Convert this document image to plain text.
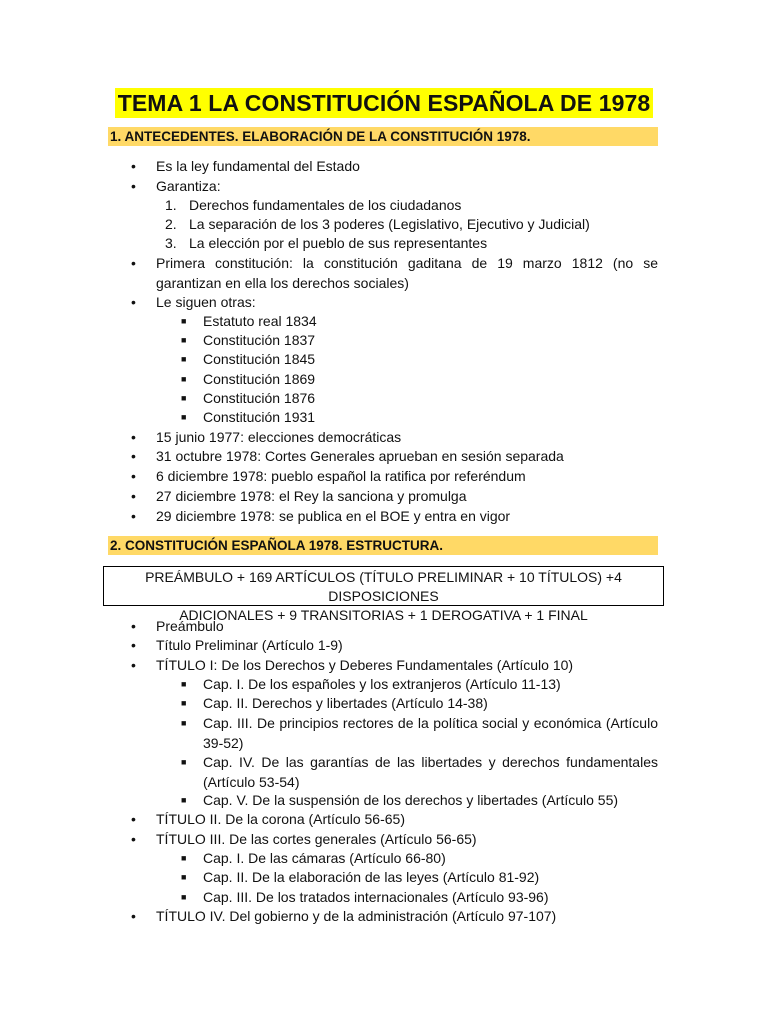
TEMA 1 LA CONSTITUCIÓN ESPAÑOLA DE 1978
1. ANTECEDENTES. ELABORACIÓN DE LA CONSTITUCIÓN 1978.
• Es la ley fundamental del Estado
• Garantiza:
1. Derechos fundamentales de los ciudadanos
2. La separación de los 3 poderes (Legislativo, Ejecutivo y Judicial)
3. La elección por el pueblo de sus representantes
• Primera constitución: la constitución gaditana de 19 marzo 1812 (no se garantizan en ella los derechos sociales)
• Le siguen otras:
■ Estatuto real 1834
■ Constitución 1837
■ Constitución 1845
■ Constitución 1869
■ Constitución 1876
■ Constitución 1931
• 15 junio 1977: elecciones democráticas
• 31 octubre 1978: Cortes Generales aprueban en sesión separada
• 6 diciembre 1978: pueblo español la ratifica por referéndum
• 27 diciembre 1978: el Rey la sanciona y promulga
• 29 diciembre 1978: se publica en el BOE y entra en vigor
2. CONSTITUCIÓN ESPAÑOLA 1978. ESTRUCTURA.
PREÁMBULO + 169 ARTÍCULOS (TÍTULO PRELIMINAR + 10 TÍTULOS) +4 DISPOSICIONES
ADICIONALES + 9 TRANSITORIAS + 1 DEROGATIVA + 1 FINAL
• Preámbulo
• Título Preliminar (Artículo 1-9)
• TÍTULO I: De los Derechos y Deberes Fundamentales (Artículo 10)
■ Cap. I. De los españoles y los extranjeros (Artículo 11-13)
■ Cap. II. Derechos y libertades (Artículo 14-38)
■ Cap. III. De principios rectores de la política social y económica (Artículo 39-52)
■ Cap. IV. De las garantías de las libertades y derechos fundamentales (Artículo 53-54)
■ Cap. V. De la suspensión de los derechos y libertades (Artículo 55)
• TÍTULO II. De la corona (Artículo 56-65)
• TÍTULO III. De las cortes generales (Artículo 56-65)
■ Cap. I. De las cámaras (Artículo 66-80)
■ Cap. II. De la elaboración de las leyes (Artículo 81-92)
■ Cap. III. De los tratados internacionales (Artículo 93-96)
• TÍTULO IV. Del gobierno y de la administración (Artículo 97-107)
